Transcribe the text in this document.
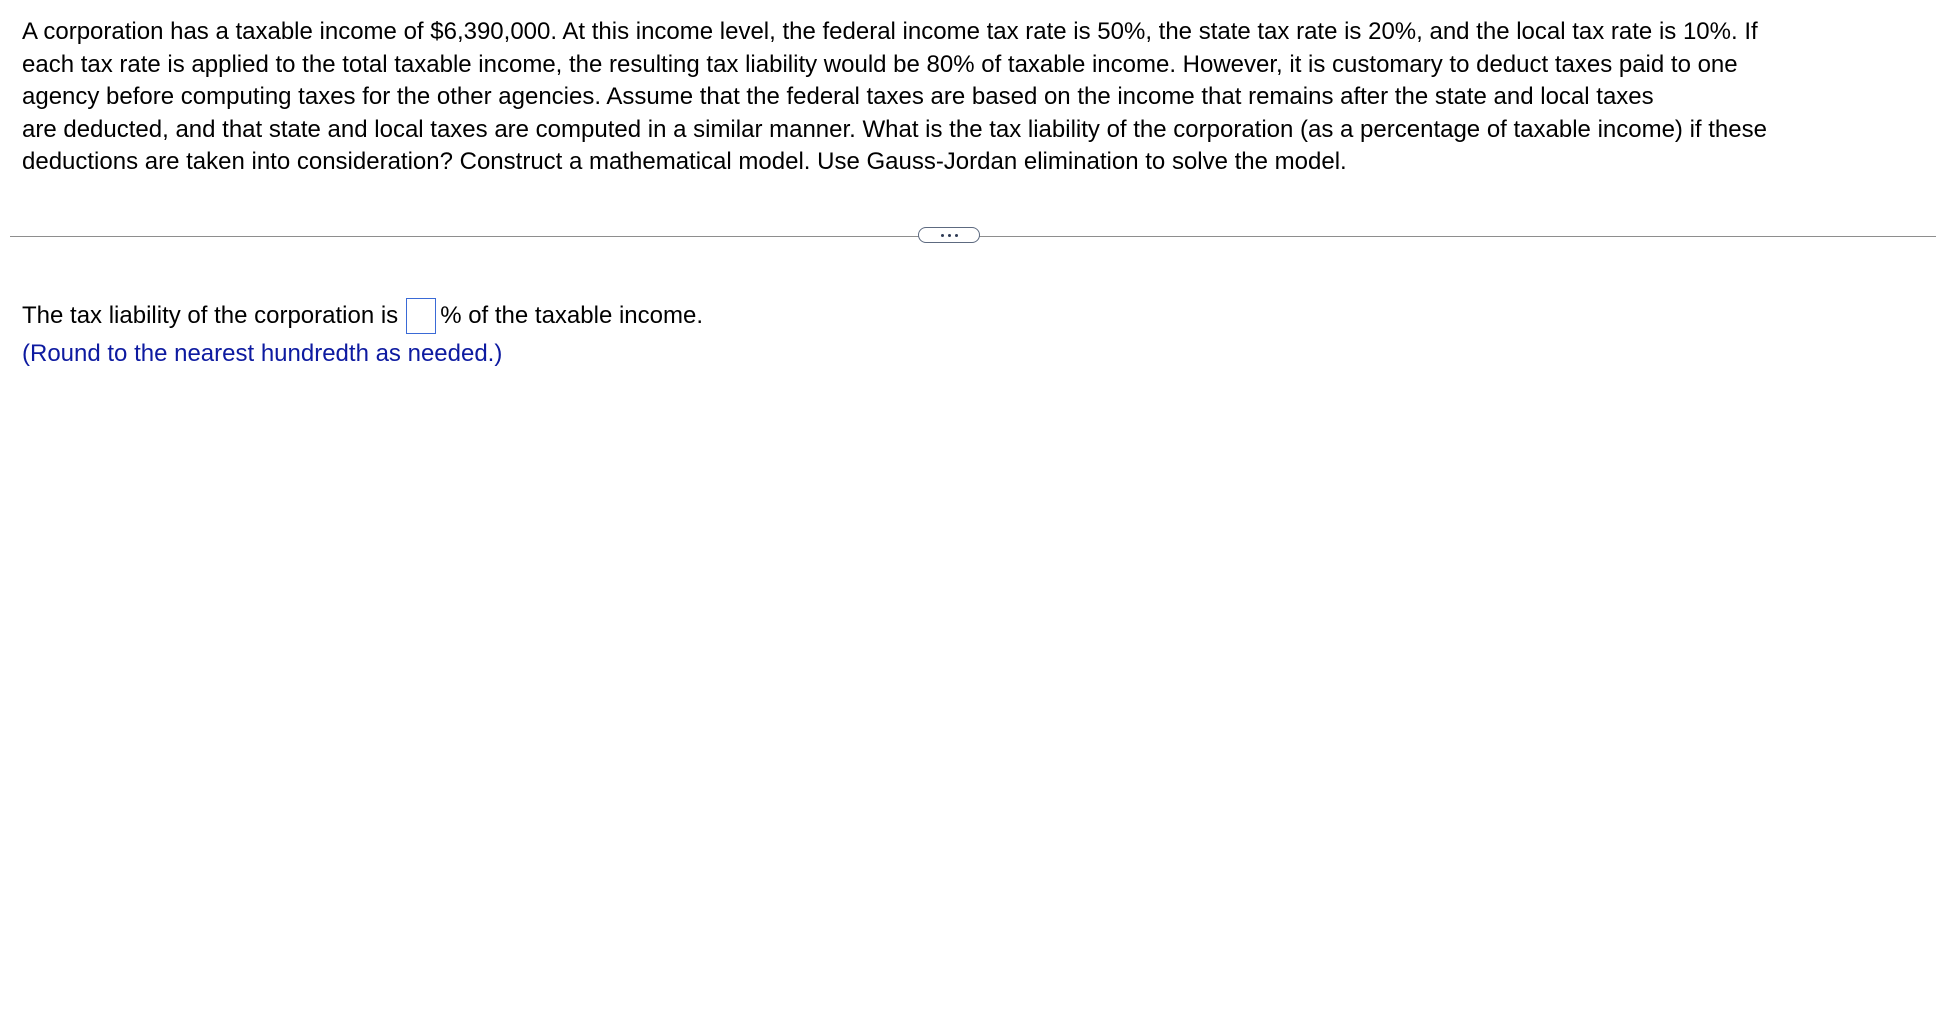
A corporation has a taxable income of $6,390,000. At this income level, the federal income tax rate is 50%, the state tax rate is 20%, and the local tax rate is 10%. If

each tax rate is applied to the total taxable income, the resulting tax liability would be 80% of taxable income. However, it is customary to deduct taxes paid to one

agency before computing taxes for the other agencies. Assume that the federal taxes are based on the income that remains after the state and local taxes

are deducted, and that state and local taxes are computed in a similar manner. What is the tax liability of the corporation (as a percentage of taxable income) if these

deductions are taken into consideration? Construct a mathematical model. Use Gauss-Jordan elimination to solve the model.

The tax liability of the corporation is % of the taxable income.
(Round to the nearest hundredth as needed.)
